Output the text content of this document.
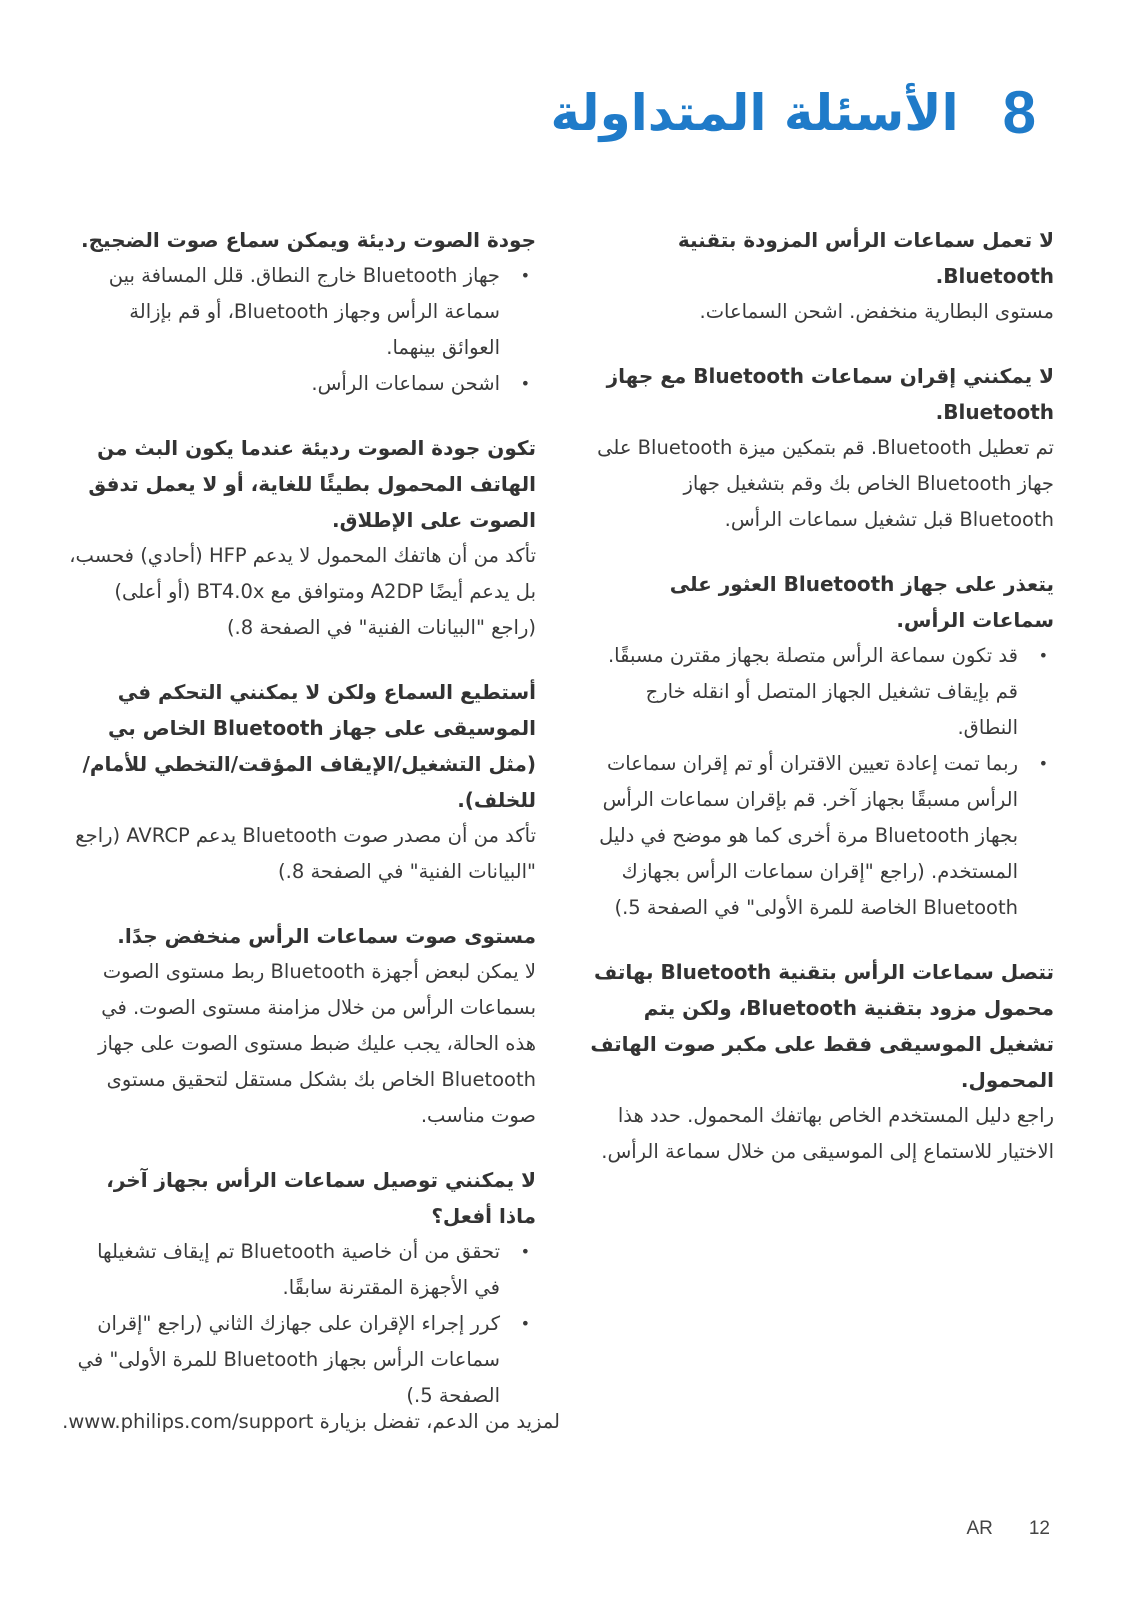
الأسئلة المتداولة 8

لا تعمل سماعات الرأس المزودة بتقنية Bluetooth.

مستوى البطارية منخفض. اشحن السماعات.

لا يمكنني إقران سماعات Bluetooth مع جهاز Bluetooth.

تم تعطيل Bluetooth. قم بتمكين ميزة Bluetooth على جهاز Bluetooth الخاص بك وقم بتشغيل جهاز Bluetooth قبل تشغيل سماعات الرأس.

يتعذر على جهاز Bluetooth العثور على سماعات الرأس.

• قد تكون سماعة الرأس متصلة بجهاز مقترن مسبقًا. قم بإيقاف تشغيل الجهاز المتصل أو انقله خارج النطاق.
• ربما تمت إعادة تعيين الاقتران أو تم إقران سماعات الرأس مسبقًا بجهاز آخر. قم بإقران سماعات الرأس بجهاز Bluetooth مرة أخرى كما هو موضح في دليل المستخدم. (راجع "إقران سماعات الرأس بجهازك Bluetooth الخاصة للمرة الأولى" في الصفحة 5.)

تتصل سماعات الرأس بتقنية Bluetooth بهاتف محمول مزود بتقنية Bluetooth، ولكن يتم تشغيل الموسيقى فقط على مكبر صوت الهاتف المحمول.

راجع دليل المستخدم الخاص بهاتفك المحمول. حدد هذا الاختيار للاستماع إلى الموسيقى من خلال سماعة الرأس.

جودة الصوت رديئة ويمكن سماع صوت الضجيج.

• جهاز Bluetooth خارج النطاق. قلل المسافة بين سماعة الرأس وجهاز Bluetooth، أو قم بإزالة العوائق بينهما.
• اشحن سماعات الرأس.

تكون جودة الصوت رديئة عندما يكون البث من الهاتف المحمول بطيئًا للغاية، أو لا يعمل تدفق الصوت على الإطلاق.

تأكد من أن هاتفك المحمول لا يدعم HFP (أحادي) فحسب، بل يدعم أيضًا A2DP ومتوافق مع BT4.0x (أو أعلى) (راجع "البيانات الفنية" في الصفحة 8.)

أستطيع السماع ولكن لا يمكنني التحكم في الموسيقى على جهاز Bluetooth الخاص بي (مثل التشغيل/الإيقاف المؤقت/التخطي للأمام/للخلف).

تأكد من أن مصدر صوت Bluetooth يدعم AVRCP (راجع "البيانات الفنية" في الصفحة 8.)

مستوى صوت سماعات الرأس منخفض جدًا.

لا يمكن لبعض أجهزة Bluetooth ربط مستوى الصوت بسماعات الرأس من خلال مزامنة مستوى الصوت. في هذه الحالة، يجب عليك ضبط مستوى الصوت على جهاز Bluetooth الخاص بك بشكل مستقل لتحقيق مستوى صوت مناسب.

لا يمكنني توصيل سماعات الرأس بجهاز آخر، ماذا أفعل؟

• تحقق من أن خاصية Bluetooth تم إيقاف تشغيلها في الأجهزة المقترنة سابقًا.
• كرر إجراء الإقران على جهازك الثاني (راجع "إقران سماعات الرأس بجهاز Bluetooth للمرة الأولى" في الصفحة 5.)
لمزيد من الدعم، تفضل بزيارة www.philips.com/support.
AR 12
